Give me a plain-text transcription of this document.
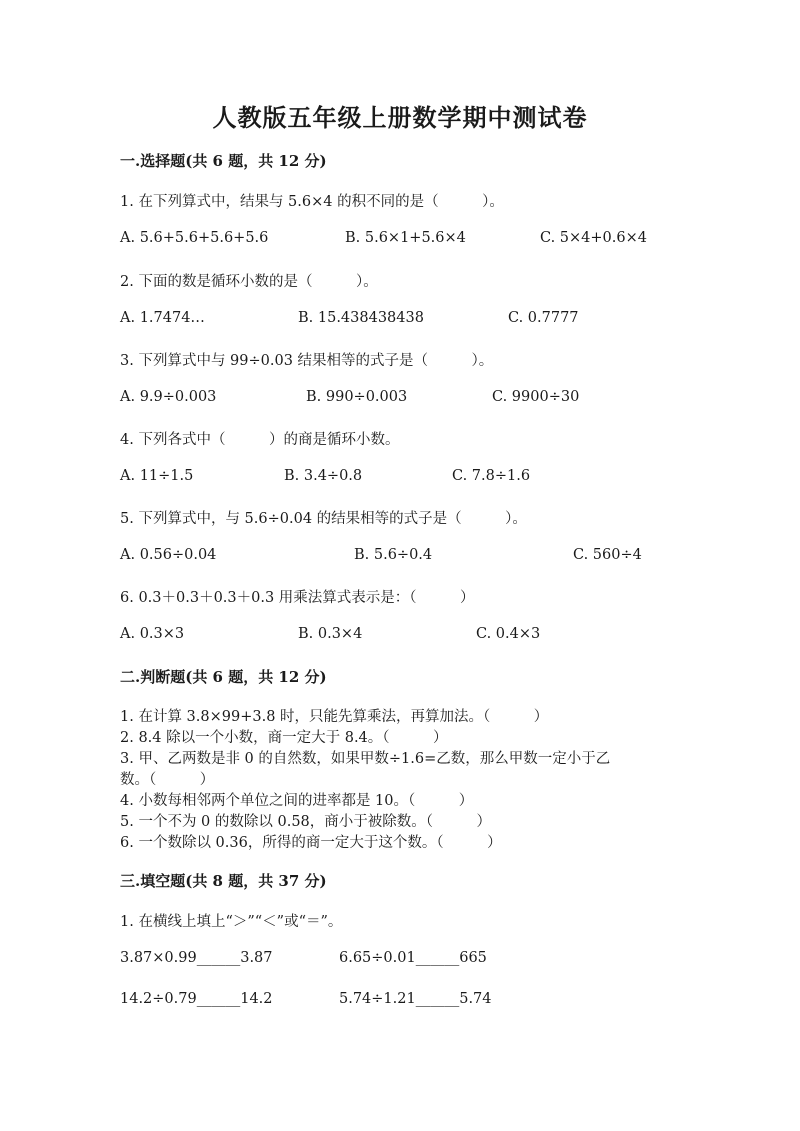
人教版五年级上册数学期中测试卷
一.选择题(共 6 题，共 12 分)
1. 在下列算式中，结果与 5.6×4 的积不同的是（　　　）。
A. 5.6+5.6+5.6+5.6	B. 5.6×1+5.6×4	C. 5×4+0.6×4
2. 下面的数是循环小数的是（　　　）。
A. 1.7474…	B. 15.438438438	C. 0.7777
3. 下列算式中与 99÷0.03 结果相等的式子是（　　　）。
A. 9.9÷0.003	B. 990÷0.003	C. 9900÷30
4. 下列各式中（　　　）的商是循环小数。
A. 11÷1.5	B. 3.4÷0.8	C. 7.8÷1.6
5. 下列算式中，与 5.6÷0.04 的结果相等的式子是（　　　）。
A. 0.56÷0.04	B. 5.6÷0.4	C. 560÷4
6. 0.3＋0.3＋0.3＋0.3 用乘法算式表示是：（　　　）
A. 0.3×3	B. 0.3×4	C. 0.4×3
二.判断题(共 6 题，共 12 分)
1. 在计算 3.8×99+3.8 时，只能先算乘法，再算加法。（　　　）
2. 8.4 除以一个小数，商一定大于 8.4。（　　　）
3. 甲、乙两数是非 0 的自然数，如果甲数÷1.6=乙数，那么甲数一定小于乙
数。（　　　）
4. 小数每相邻两个单位之间的进率都是 10。（　　　）
5. 一个不为 0 的数除以 0.58，商小于被除数。（　　　）
6. 一个数除以 0.36，所得的商一定大于这个数。（　　　）
三.填空题(共 8 题，共 37 分)
1. 在横线上填上“＞”“＜”或“＝”。
3.87×0.99______3.87	6.65÷0.01______665
14.2÷0.79______14.2	5.74÷1.21______5.74
